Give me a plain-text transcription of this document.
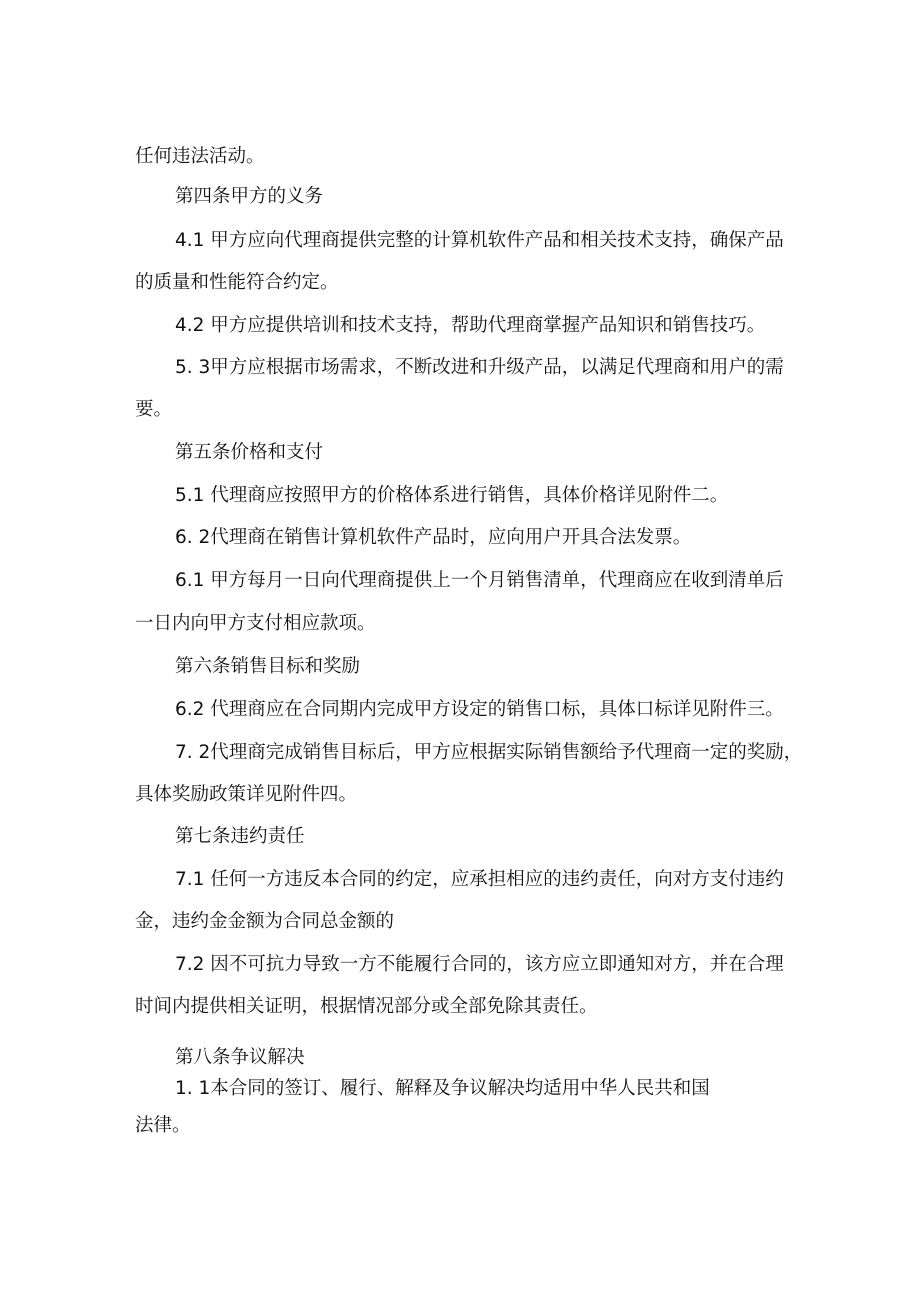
任何违法活动。
第四条甲方的义务
4.1 甲方应向代理商提供完整的计算机软件产品和相关技术支持，确保产品
的质量和性能符合约定。
4.2 甲方应提供培训和技术支持，帮助代理商掌握产品知识和销售技巧。
5. 3甲方应根据市场需求，不断改进和升级产品，以满足代理商和用户的需
要。
第五条价格和支付
5.1 代理商应按照甲方的价格体系进行销售，具体价格详见附件二。
6. 2代理商在销售计算机软件产品时，应向用户开具合法发票。
6.1 甲方每月一日向代理商提供上一个月销售清单，代理商应在收到清单后
一日内向甲方支付相应款项。
第六条销售目标和奖励
6.2 代理商应在合同期内完成甲方设定的销售口标，具体口标详见附件三。
7. 2代理商完成销售目标后，甲方应根据实际销售额给予代理商一定的奖励，
具体奖励政策详见附件四。
第七条违约责任
7.1 任何一方违反本合同的约定，应承担相应的违约责任，向对方支付违约
金，违约金金额为合同总金额的
7.2 因不可抗力导致一方不能履行合同的，该方应立即通知对方，并在合理
时间内提供相关证明，根据情况部分或全部免除其责任。
第八条争议解决
1. 1本合同的签订、履行、解释及争议解决均适用中华人民共和国
法律。
